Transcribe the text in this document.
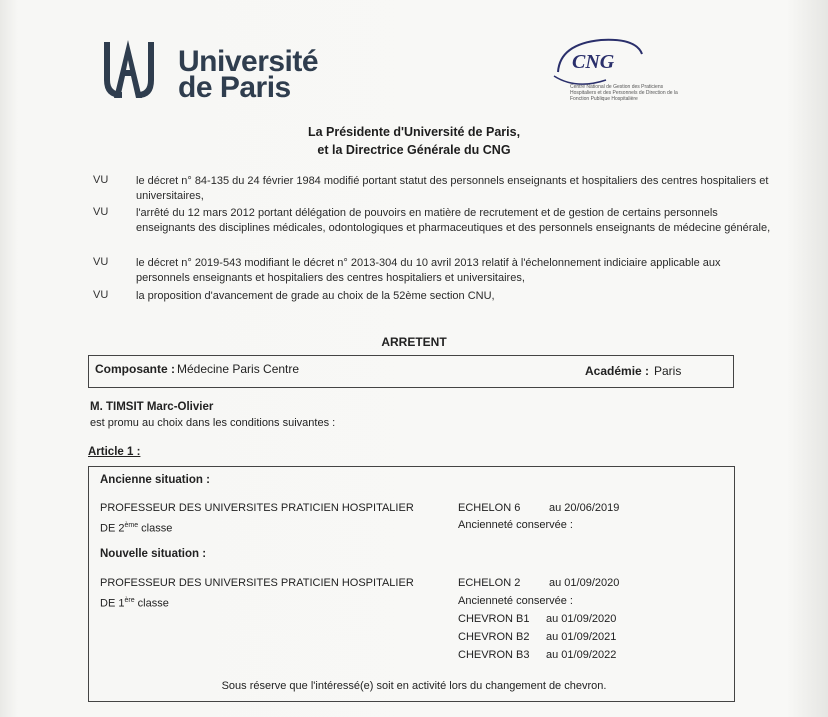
Université
de Paris
CNG
Centre National de Gestion des Praticiens Hospitaliers et des Personnels de Direction de la Fonction Publique Hospitalière
La Présidente d'Université de Paris,
et la Directrice Générale du CNG
VU	le décret n° 84-135 du 24 février 1984 modifié portant statut des personnels enseignants et hospitaliers des centres hospitaliers et universitaires,
VU	l'arrêté du 12 mars 2012 portant délégation de pouvoirs en matière de recrutement et de gestion de certains personnels enseignants des disciplines médicales, odontologiques et pharmaceutiques et des personnels enseignants de médecine générale,
VU	le décret n° 2019-543 modifiant le décret n° 2013-304 du 10 avril 2013 relatif à l'échelonnement indiciaire applicable aux personnels enseignants et hospitaliers des centres hospitaliers et universitaires,
VU	la proposition d'avancement de grade au choix de la 52ème section CNU,
ARRETENT
Composante : Médecine Paris Centre	Académie : Paris
M. TIMSIT Marc-Olivier
est promu au choix dans les conditions suivantes :
Article 1 :
Ancienne situation :
PROFESSEUR DES UNIVERSITES PRATICIEN HOSPITALIER
DE 2ème classe
ECHELON 6	au 20/06/2019
Ancienneté conservée :
Nouvelle situation :
PROFESSEUR DES UNIVERSITES PRATICIEN HOSPITALIER
DE 1ère classe
ECHELON 2	au 01/09/2020
Ancienneté conservée :
CHEVRON B1 au 01/09/2020
CHEVRON B2 au 01/09/2021
CHEVRON B3 au 01/09/2022
Sous réserve que l'intéressé(e) soit en activité lors du changement de chevron.
